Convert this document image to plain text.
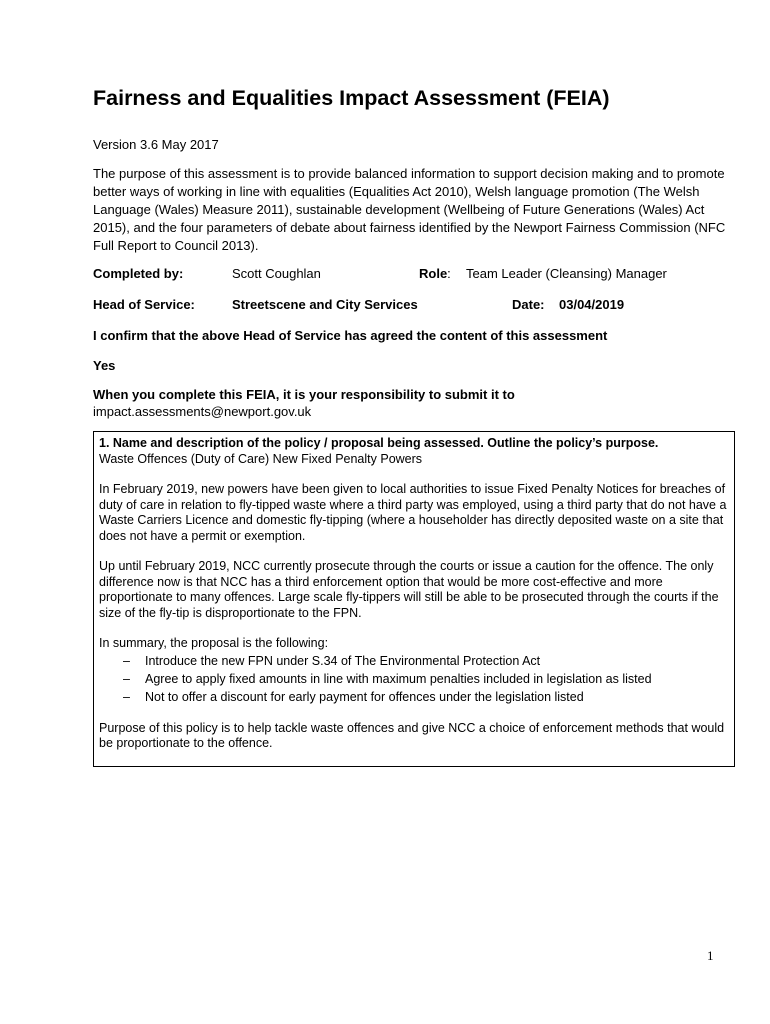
Fairness and Equalities Impact Assessment (FEIA)
Version 3.6 May 2017
The purpose of this assessment is to provide balanced information to support decision making and to promote better ways of working in line with equalities (Equalities Act 2010), Welsh language promotion (The Welsh Language (Wales) Measure 2011), sustainable development (Wellbeing of Future Generations (Wales) Act 2015), and the four parameters of debate about fairness identified by the Newport Fairness Commission (NFC Full Report to Council 2013).
Completed by:	Scott Coughlan	Role: Team Leader (Cleansing) Manager
Head of Service:	Streetscene and City Services	Date: 03/04/2019
I confirm that the above Head of Service has agreed the content of this assessment
Yes
When you complete this FEIA, it is your responsibility to submit it to
impact.assessments@newport.gov.uk

1. Name and description of the policy / proposal being assessed. Outline the policy’s purpose.

Waste Offences (Duty of Care) New Fixed Penalty Powers

In February 2019, new powers have been given to local authorities to issue Fixed Penalty Notices for breaches of duty of care in relation to fly-tipped waste where a third party was employed, using a third party that do not have a Waste Carriers Licence and domestic fly-tipping (where a householder has directly deposited waste on a site that does not have a permit or exemption.

Up until February 2019, NCC currently prosecute through the courts or issue a caution for the offence. The only difference now is that NCC has a third enforcement option that would be more cost-effective and more proportionate to many offences. Large scale fly-tippers will still be able to be prosecuted through the courts if the size of the fly-tip is disproportionate to the FPN.

In summary, the proposal is the following:

– Introduce the new FPN under S.34 of The Environmental Protection Act
– Agree to apply fixed amounts in line with maximum penalties included in legislation as listed
– Not to offer a discount for early payment for offences under the legislation listed

Purpose of this policy is to help tackle waste offences and give NCC a choice of enforcement methods that would be proportionate to the offence.

1
